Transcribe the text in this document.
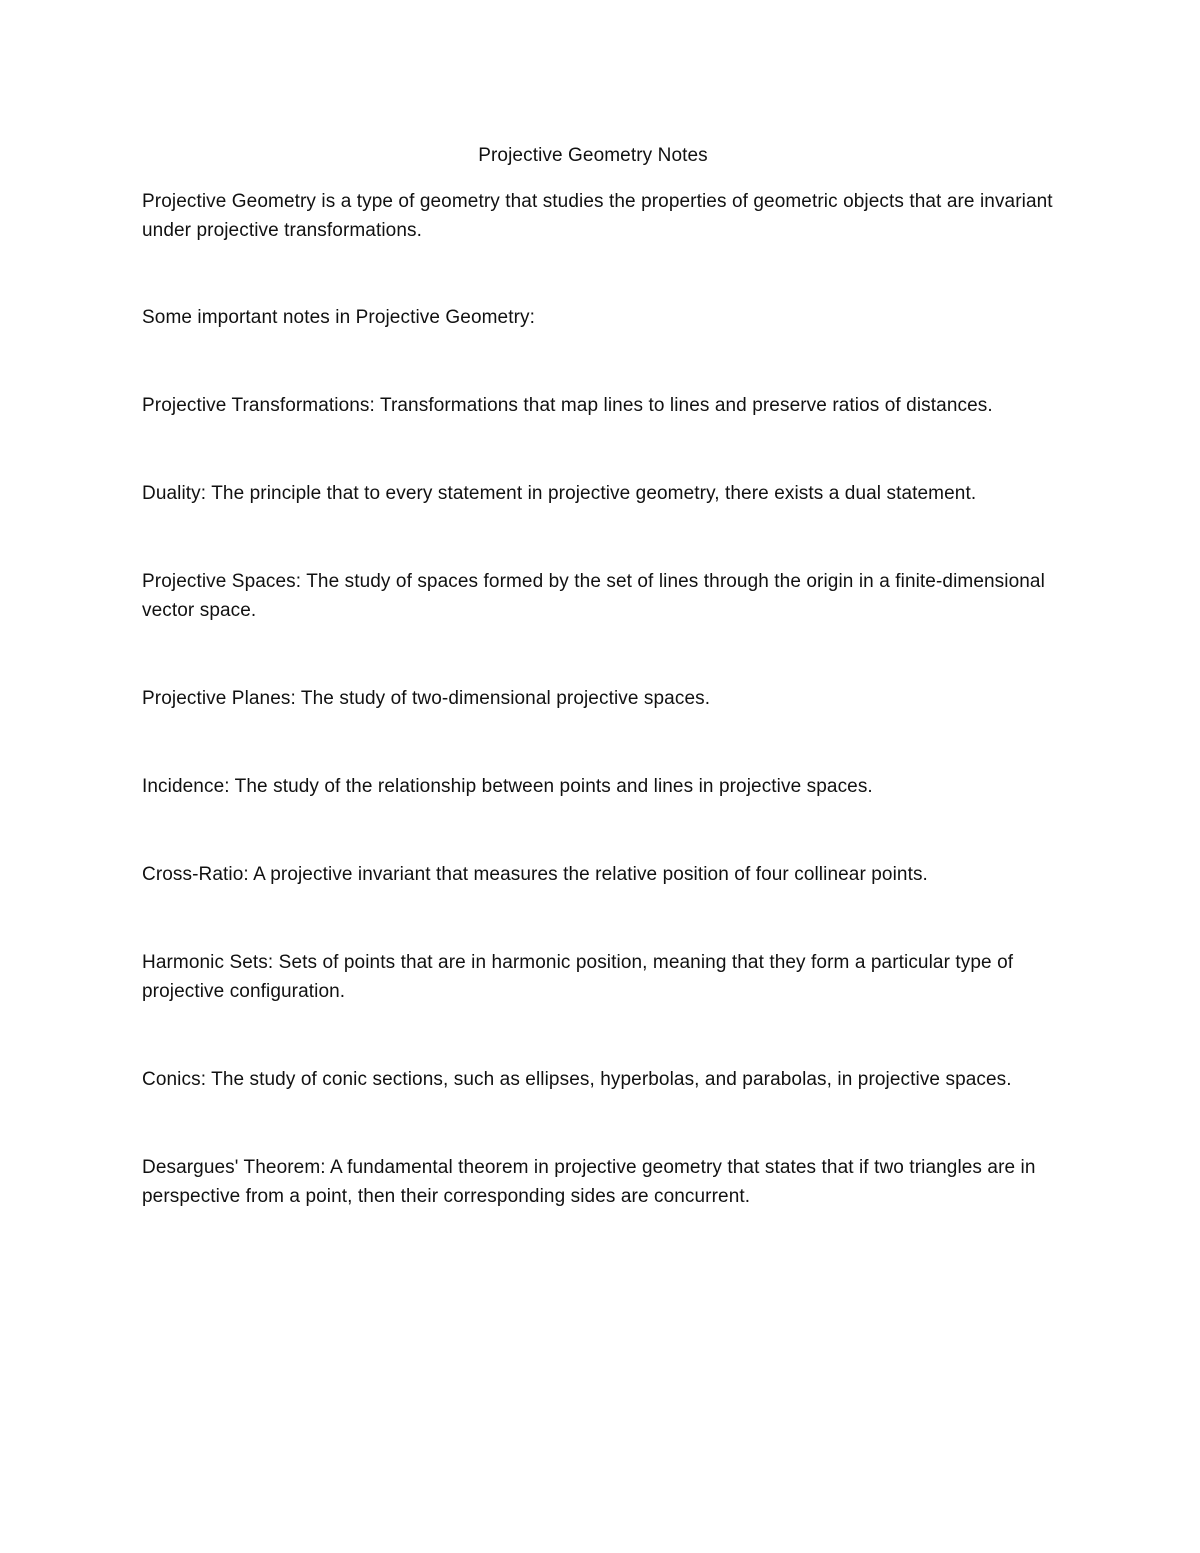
Projective Geometry Notes

Projective Geometry is a type of geometry that studies the properties of geometric objects that are invariant under projective transformations.

Some important notes in Projective Geometry:

Projective Transformations: Transformations that map lines to lines and preserve ratios of distances.
Duality: The principle that to every statement in projective geometry, there exists a dual statement.
Projective Spaces: The study of spaces formed by the set of lines through the origin in a finite-dimensional vector space.
Projective Planes: The study of two-dimensional projective spaces.
Incidence: The study of the relationship between points and lines in projective spaces.
Cross-Ratio: A projective invariant that measures the relative position of four collinear points.
Harmonic Sets: Sets of points that are in harmonic position, meaning that they form a particular type of projective configuration.
Conics: The study of conic sections, such as ellipses, hyperbolas, and parabolas, in projective spaces.
Desargues' Theorem: A fundamental theorem in projective geometry that states that if two triangles are in perspective from a point, then their corresponding sides are concurrent.
